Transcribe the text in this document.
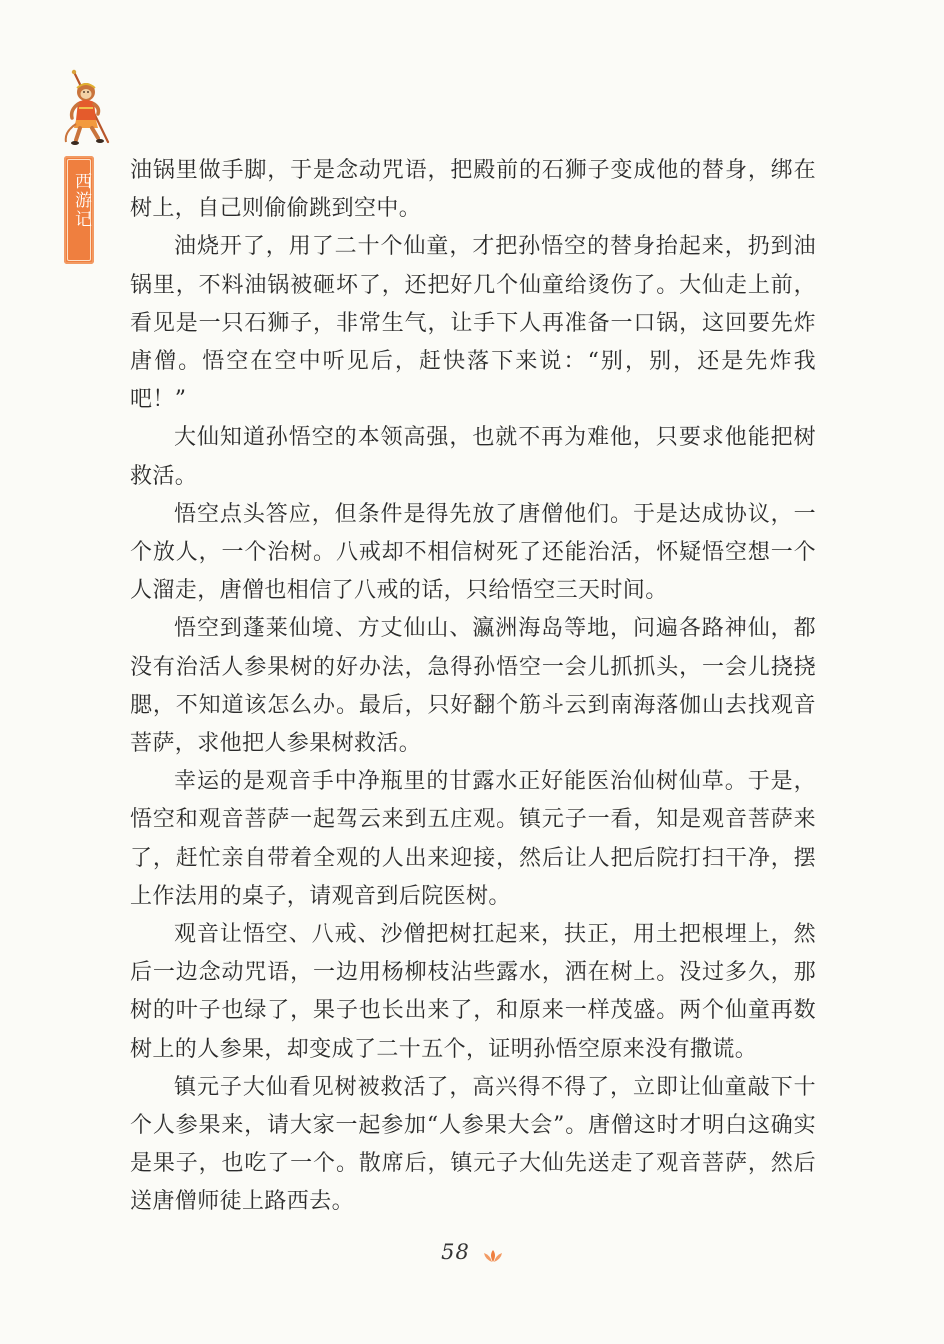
西游记

油锅里做手脚，于是念动咒语，把殿前的石狮子变成他的替身，绑在树上，自己则偷偷跳到空中。

油烧开了，用了二十个仙童，才把孙悟空的替身抬起来，扔到油锅里，不料油锅被砸坏了，还把好几个仙童给烫伤了。大仙走上前，看见是一只石狮子，非常生气，让手下人再准备一口锅，这回要先炸唐僧。悟空在空中听见后，赶快落下来说：“别，别，还是先炸我吧！”

大仙知道孙悟空的本领高强，也就不再为难他，只要求他能把树救活。

悟空点头答应，但条件是得先放了唐僧他们。于是达成协议，一个放人，一个治树。八戒却不相信树死了还能治活，怀疑悟空想一个人溜走，唐僧也相信了八戒的话，只给悟空三天时间。

悟空到蓬莱仙境、方丈仙山、瀛洲海岛等地，问遍各路神仙，都没有治活人参果树的好办法，急得孙悟空一会儿抓抓头，一会儿挠挠腮，不知道该怎么办。最后，只好翻个筋斗云到南海落伽山去找观音菩萨，求他把人参果树救活。

幸运的是观音手中净瓶里的甘露水正好能医治仙树仙草。于是，悟空和观音菩萨一起驾云来到五庄观。镇元子一看，知是观音菩萨来了，赶忙亲自带着全观的人出来迎接，然后让人把后院打扫干净，摆上作法用的桌子，请观音到后院医树。

观音让悟空、八戒、沙僧把树扛起来，扶正，用土把根埋上，然后一边念动咒语，一边用杨柳枝沾些露水，洒在树上。没过多久，那树的叶子也绿了，果子也长出来了，和原来一样茂盛。两个仙童再数树上的人参果，却变成了二十五个，证明孙悟空原来没有撒谎。

镇元子大仙看见树被救活了，高兴得不得了，立即让仙童敲下十个人参果来，请大家一起参加“人参果大会”。唐僧这时才明白这确实是果子，也吃了一个。散席后，镇元子大仙先送走了观音菩萨，然后送唐僧师徒上路西去。

58
